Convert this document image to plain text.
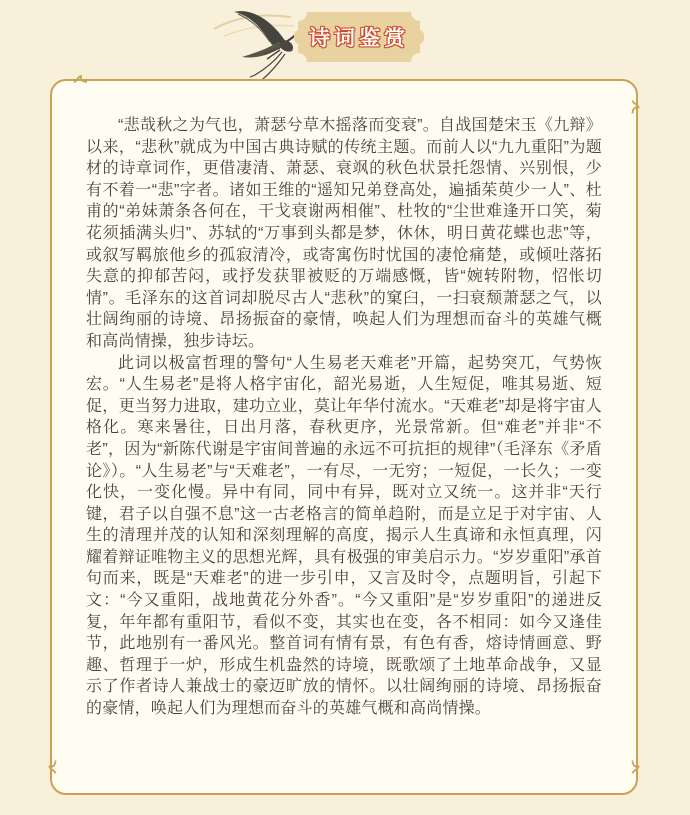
诗词鉴赏

“悲哉秋之为气也，萧瑟兮草木摇落而变衰”。自战国楚宋玉《九辩》以来，“悲秋”就成为中国古典诗赋的传统主题。而前人以“九九重阳”为题材的诗章词作，更借凄清、萧瑟、衰飒的秋色状景托怨情、兴别恨，少有不着一“悲”字者。诸如王维的“遥知兄弟登高处，遍插茱萸少一人”、杜甫的“弟妹萧条各何在，干戈衰谢两相催”、杜牧的“尘世难逢开口笑，菊花须插满头归”、苏轼的“万事到头都是梦，休休，明日黄花蝶也悲”等，或叙写羁旅他乡的孤寂清冷，或寄寓伤时忧国的凄怆痛楚，或倾吐落拓失意的抑郁苦闷，或抒发获罪被贬的万端感慨，皆“婉转附物，怊怅切情”。毛泽东的这首词却脱尽古人“悲秋”的窠臼，一扫衰颓萧瑟之气，以壮阔绚丽的诗境、昂扬振奋的豪情，唤起人们为理想而奋斗的英雄气概和高尚情操，独步诗坛。

此词以极富哲理的警句“人生易老天难老”开篇，起势突兀，气势恢宏。“人生易老”是将人格宇宙化，韶光易逝，人生短促，唯其易逝、短促，更当努力进取，建功立业，莫让年华付流水。“天难老”却是将宇宙人格化。寒来暑往，日出月落，春秋更序，光景常新。但“难老”并非“不老”，因为“新陈代谢是宇宙间普遍的永远不可抗拒的规律”（毛泽东《矛盾论》）。“人生易老”与“天难老”，一有尽，一无穷；一短促，一长久；一变化快，一变化慢。异中有同，同中有异，既对立又统一。这并非“天行键，君子以自强不息”这一古老格言的简单趋附，而是立足于对宇宙、人生的清理并茂的认知和深刻理解的高度，揭示人生真谛和永恒真理，闪耀着辩证唯物主义的思想光辉，具有极强的审美启示力。“岁岁重阳”承首句而来，既是“天难老”的进一步引申，又言及时令，点题明旨，引起下文：“今又重阳，战地黄花分外香”。“今又重阳”是“岁岁重阳”的递进反复，年年都有重阳节，看似不变，其实也在变，各不相同：如今又逢佳节，此地别有一番风光。整首词有情有景，有色有香，熔诗情画意、野趣、哲理于一炉，形成生机盎然的诗境，既歌颂了土地革命战争，又显示了作者诗人兼战士的豪迈旷放的情怀。以壮阔绚丽的诗境、昂扬振奋的豪情，唤起人们为理想而奋斗的英雄气概和高尚情操。
